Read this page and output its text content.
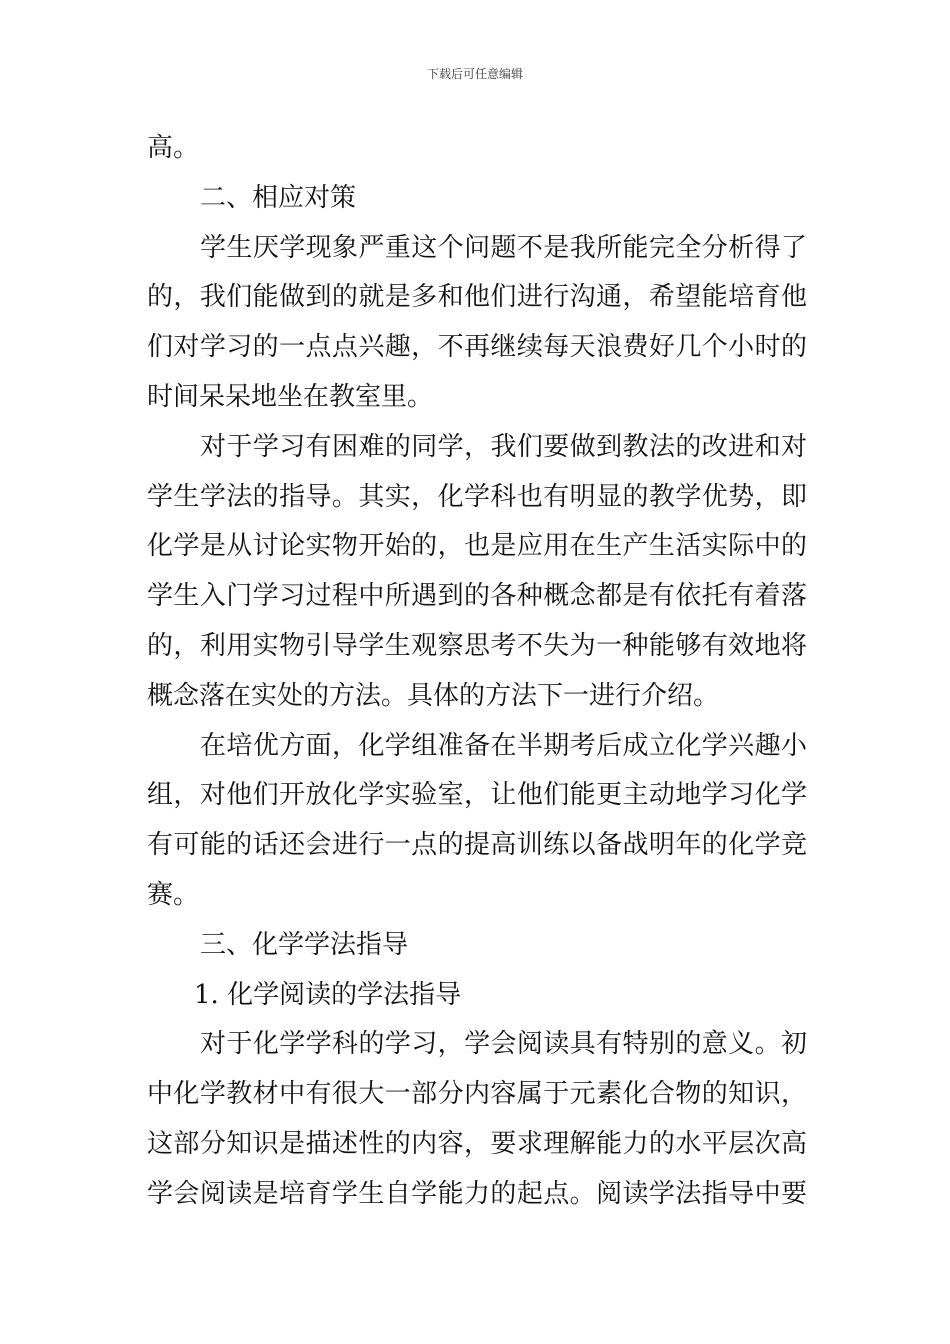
下载后可任意编辑
高。
二、相应对策
学生厌学现象严重这个问题不是我所能完全分析得了
的，我们能做到的就是多和他们进行沟通，希望能培育他
们对学习的一点点兴趣，不再继续每天浪费好几个小时的
时间呆呆地坐在教室里。
对于学习有困难的同学，我们要做到教法的改进和对
学生学法的指导。其实，化学科也有明显的教学优势，即
化学是从讨论实物开始的，也是应用在生产生活实际中的
学生入门学习过程中所遇到的各种概念都是有依托有着落
的，利用实物引导学生观察思考不失为一种能够有效地将
概念落在实处的方法。具体的方法下一进行介绍。
在培优方面，化学组准备在半期考后成立化学兴趣小
组，对他们开放化学实验室，让他们能更主动地学习化学
有可能的话还会进行一点的提高训练以备战明年的化学竞
赛。
三、化学学法指导
1. 化学阅读的学法指导
对于化学学科的学习，学会阅读具有特别的意义。初
中化学教材中有很大一部分内容属于元素化合物的知识，
这部分知识是描述性的内容，要求理解能力的水平层次高
学会阅读是培育学生自学能力的起点。阅读学法指导中要
